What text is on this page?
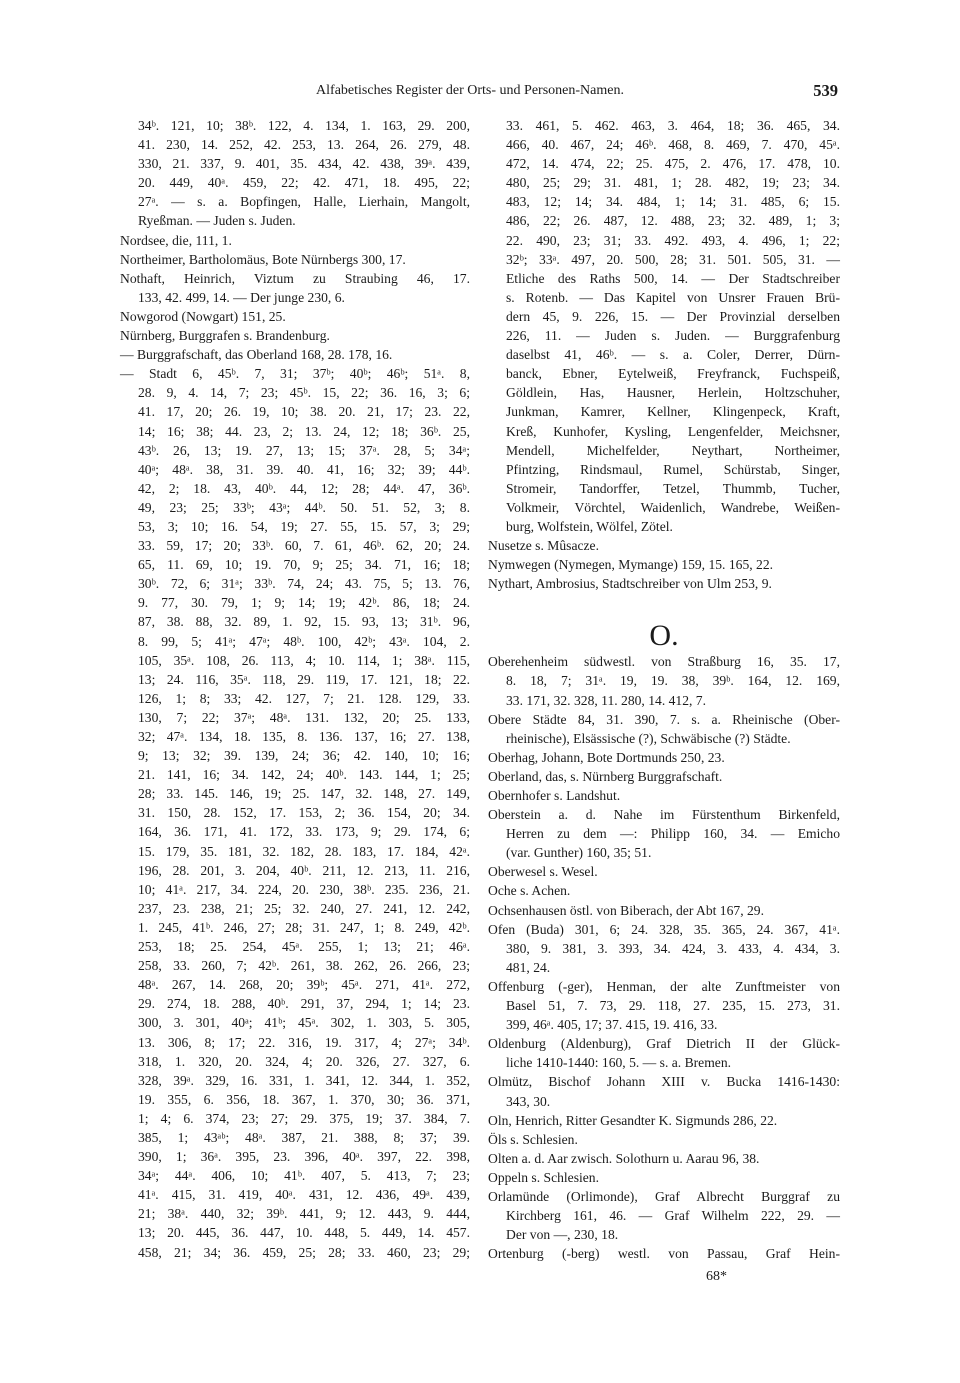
Alfabetisches Register der Orts- und Personen-Namen.	539
34ᵇ. 121, 10; 38ᵇ. 122, 4. 134, 1. 163, 29. 200,
41. 230, 14. 252, 42. 253, 13. 264, 26. 279, 48.
330, 21. 337, 9. 401, 35. 434, 42. 438, 39ᵃ. 439,
20. 449, 40ᵃ. 459, 22; 42. 471, 18. 495, 22;
27ᵃ. — s. a. Bopfingen, Halle, Lierhain, Mangolt,
Ryeßman. — Juden s. Juden.
Nordsee, die, 111, 1.
Northeimer, Bartholomäus, Bote Nürnbergs 300, 17.
Nothaft, Heinrich, Viztum zu Straubing 46, 17.
133, 42. 499, 14. — Der junge 230, 6.
Nowgorod (Nowgart) 151, 25.
Nürnberg, Burggrafen s. Brandenburg.
— Burggrafschaft, das Oberland 168, 28. 178, 16.
— Stadt 6, 45ᵇ. 7, 31; 37ᵇ; 40ᵇ; 46ᵇ; 51ᵃ. 8,
28. 9, 4. 14, 7; 23; 45ᵇ. 15, 22; 36. 16, 3; 6;
41. 17, 20; 26. 19, 10; 38. 20. 21, 17; 23. 22,
14; 16; 38; 44. 23, 2; 13. 24, 12; 18; 36ᵇ. 25,
43ᵇ. 26, 13; 19. 27, 13; 15; 37ᵃ. 28, 5; 34ᵃ;
40ᵃ; 48ᵃ. 38, 31. 39. 40. 41, 16; 32; 39; 44ᵇ.
42, 2; 18. 43, 40ᵇ. 44, 12; 28; 44ᵃ. 47, 36ᵇ.
49, 23; 25; 33ᵇ; 43ᵃ; 44ᵇ. 50. 51. 52, 3; 8.
53, 3; 10; 16. 54, 19; 27. 55, 15. 57, 3; 29;
33. 59, 17; 20; 33ᵇ. 60, 7. 61, 46ᵇ. 62, 20; 24.
65, 11. 69, 10; 19. 70, 9; 25; 34. 71, 16; 18;
30ᵇ. 72, 6; 31ᵃ; 33ᵇ. 74, 24; 43. 75, 5; 13. 76,
9. 77, 30. 79, 1; 9; 14; 19; 42ᵇ. 86, 18; 24.
87, 38. 88, 32. 89, 1. 92, 15. 93, 13; 31ᵇ. 96,
8. 99, 5; 41ᵃ; 47ᵃ; 48ᵇ. 100, 42ᵇ; 43ᵃ. 104, 2.
105, 35ᵃ. 108, 26. 113, 4; 10. 114, 1; 38ᵃ. 115,
13; 24. 116, 35ᵃ. 118, 29. 119, 17. 121, 18; 22.
126, 1; 8; 33; 42. 127, 7; 21. 128. 129, 33.
130, 7; 22; 37ᵃ; 48ᵃ. 131. 132, 20; 25. 133,
32; 47ᵃ. 134, 18. 135, 8. 136. 137, 16; 27. 138,
9; 13; 32; 39. 139, 24; 36; 42. 140, 10; 16;
21. 141, 16; 34. 142, 24; 40ᵇ. 143. 144, 1; 25;
28; 33. 145. 146, 19; 25. 147, 32. 148, 27. 149,
31. 150, 28. 152, 17. 153, 2; 36. 154, 20; 34.
164, 36. 171, 41. 172, 33. 173, 9; 29. 174, 6;
15. 179, 35. 181, 32. 182, 28. 183, 17. 184, 42ᵃ.
196, 28. 201, 3. 204, 40ᵇ. 211, 12. 213, 11. 216,
10; 41ᵃ. 217, 34. 224, 20. 230, 38ᵇ. 235. 236, 21.
237, 23. 238, 21; 25; 32. 240, 27. 241, 12. 242,
1. 245, 41ᵇ. 246, 27; 28; 31. 247, 1; 8. 249, 42ᵇ.
253, 18; 25. 254, 45ᵃ. 255, 1; 13; 21; 46ᵃ.
258, 33. 260, 7; 42ᵇ. 261, 38. 262, 26. 266, 23;
48ᵃ. 267, 14. 268, 20; 39ᵇ; 45ᵃ. 271, 41ᵃ. 272,
29. 274, 18. 288, 40ᵇ. 291, 37, 294, 1; 14; 23.
300, 3. 301, 40ᵃ; 41ᵇ; 45ᵃ. 302, 1. 303, 5. 305,
13. 306, 8; 17; 22. 316, 19. 317, 4; 27ᵃ; 34ᵇ.
318, 1. 320, 20. 324, 4; 20. 326, 27. 327, 6.
328, 39ᵃ. 329, 16. 331, 1. 341, 12. 344, 1. 352,
19. 355, 6. 356, 18. 367, 1. 370, 30; 36. 371,
1; 4; 6. 374, 23; 27; 29. 375, 19; 37. 384, 7.
385, 1; 43ᵃᵇ; 48ᵃ. 387, 21. 388, 8; 37; 39.
390, 1; 36ᵃ. 395, 23. 396, 40ᵃ. 397, 22. 398,
34ᵃ; 44ᵃ. 406, 10; 41ᵇ. 407, 5. 413, 7; 23;
41ᵃ. 415, 31. 419, 40ᵃ. 431, 12. 436, 49ᵃ. 439,
21; 38ᵃ. 440, 32; 39ᵇ. 441, 9; 12. 443, 9. 444,
13; 20. 445, 36. 447, 10. 448, 5. 449, 14. 457.
458, 21; 34; 36. 459, 25; 28; 33. 460, 23; 29;
33. 461, 5. 462. 463, 3. 464, 18; 36. 465, 34.
466, 40. 467, 24; 46ᵇ. 468, 8. 469, 7. 470, 45ᵃ.
472, 14. 474, 22; 25. 475, 2. 476, 17. 478, 10.
480, 25; 29; 31. 481, 1; 28. 482, 19; 23; 34.
483, 12; 14; 34. 484, 1; 14; 31. 485, 6; 15.
486, 22; 26. 487, 12. 488, 23; 32. 489, 1; 3;
22. 490, 23; 31; 33. 492. 493, 4. 496, 1; 22;
32ᵇ; 33ᵃ. 497, 20. 500, 28; 31. 501. 505, 31. —
Etliche des Raths 500, 14. — Der Stadtschreiber
s. Rotenb. — Das Kapitel von Unsrer Frauen Brü-
dern 45, 9. 226, 15. — Der Provinzial derselben
226, 11. — Juden s. Juden. — Burggrafenburg
daselbst 41, 46ᵇ. — s. a. Coler, Derrer, Dürn-
banck, Ebner, Eytelweiß, Freyfranck, Fuchspeiß,
Göldlein, Has, Hausner, Herlein, Holtzschuher,
Junkman, Kamrer, Kellner, Klingenpeck, Kraft,
Kreß, Kunhofer, Kysling, Lengenfelder, Meichsner,
Mendell, Michelfelder, Neythart, Northeimer,
Pfintzing, Rindsmaul, Rumel, Schürstab, Singer,
Stromeir, Tandorffer, Tetzel, Thummb, Tucher,
Volkmeir, Vörchtel, Waidenlich, Wandrebe, Weißen-
burg, Wolfstein, Wölfel, Zötel.
Nusetze s. Mûsacze.
Nymwegen (Nymegen, Mymange) 159, 15. 165, 22.
Nythart, Ambrosius, Stadtschreiber von Ulm 253, 9.
O.
Oberehenheim südwestl. von Straßburg 16, 35. 17,
8. 18, 7; 31ᵃ. 19, 19. 38, 39ᵇ. 164, 12. 169,
33. 171, 32. 328, 11. 280, 14. 412, 7.
Obere Städte 84, 31. 390, 7. s. a. Rheinische (Ober-
rheinische), Elsässische (?), Schwäbische (?) Städte.
Oberhag, Johann, Bote Dortmunds 250, 23.
Oberland, das, s. Nürnberg Burggrafschaft.
Obernhofer s. Landshut.
Oberstein a. d. Nahe im Fürstenthum Birkenfeld,
Herren zu dem —: Philipp 160, 34. — Emicho
(var. Gunther) 160, 35; 51.
Oberwesel s. Wesel.
Oche s. Achen.
Ochsenhausen östl. von Biberach, der Abt 167, 29.
Ofen (Buda) 301, 6; 24. 328, 35. 365, 24. 367, 41ᵃ.
380, 9. 381, 3. 393, 34. 424, 3. 433, 4. 434, 3.
481, 24.
Offenburg (-ger), Henman, der alte Zunftmeister von
Basel 51, 7. 73, 29. 118, 27. 235, 15. 273, 31.
399, 46ᵃ. 405, 17; 37. 415, 19. 416, 33.
Oldenburg (Aldenburg), Graf Dietrich II der Glück-
liche 1410-1440: 160, 5. — s. a. Bremen.
Olmütz, Bischof Johann XIII v. Bucka 1416-1430:
343, 30.
Oln, Henrich, Ritter Gesandter K. Sigmunds 286, 22.
Öls s. Schlesien.
Olten a. d. Aar zwisch. Solothurn u. Aarau 96, 38.
Oppeln s. Schlesien.
Orlamünde (Orlimonde), Graf Albrecht Burggraf zu
Kirchberg 161, 46. — Graf Wilhelm 222, 29. —
Der von —, 230, 18.
Ortenburg (-berg) westl. von Passau, Graf Hein-
68*
